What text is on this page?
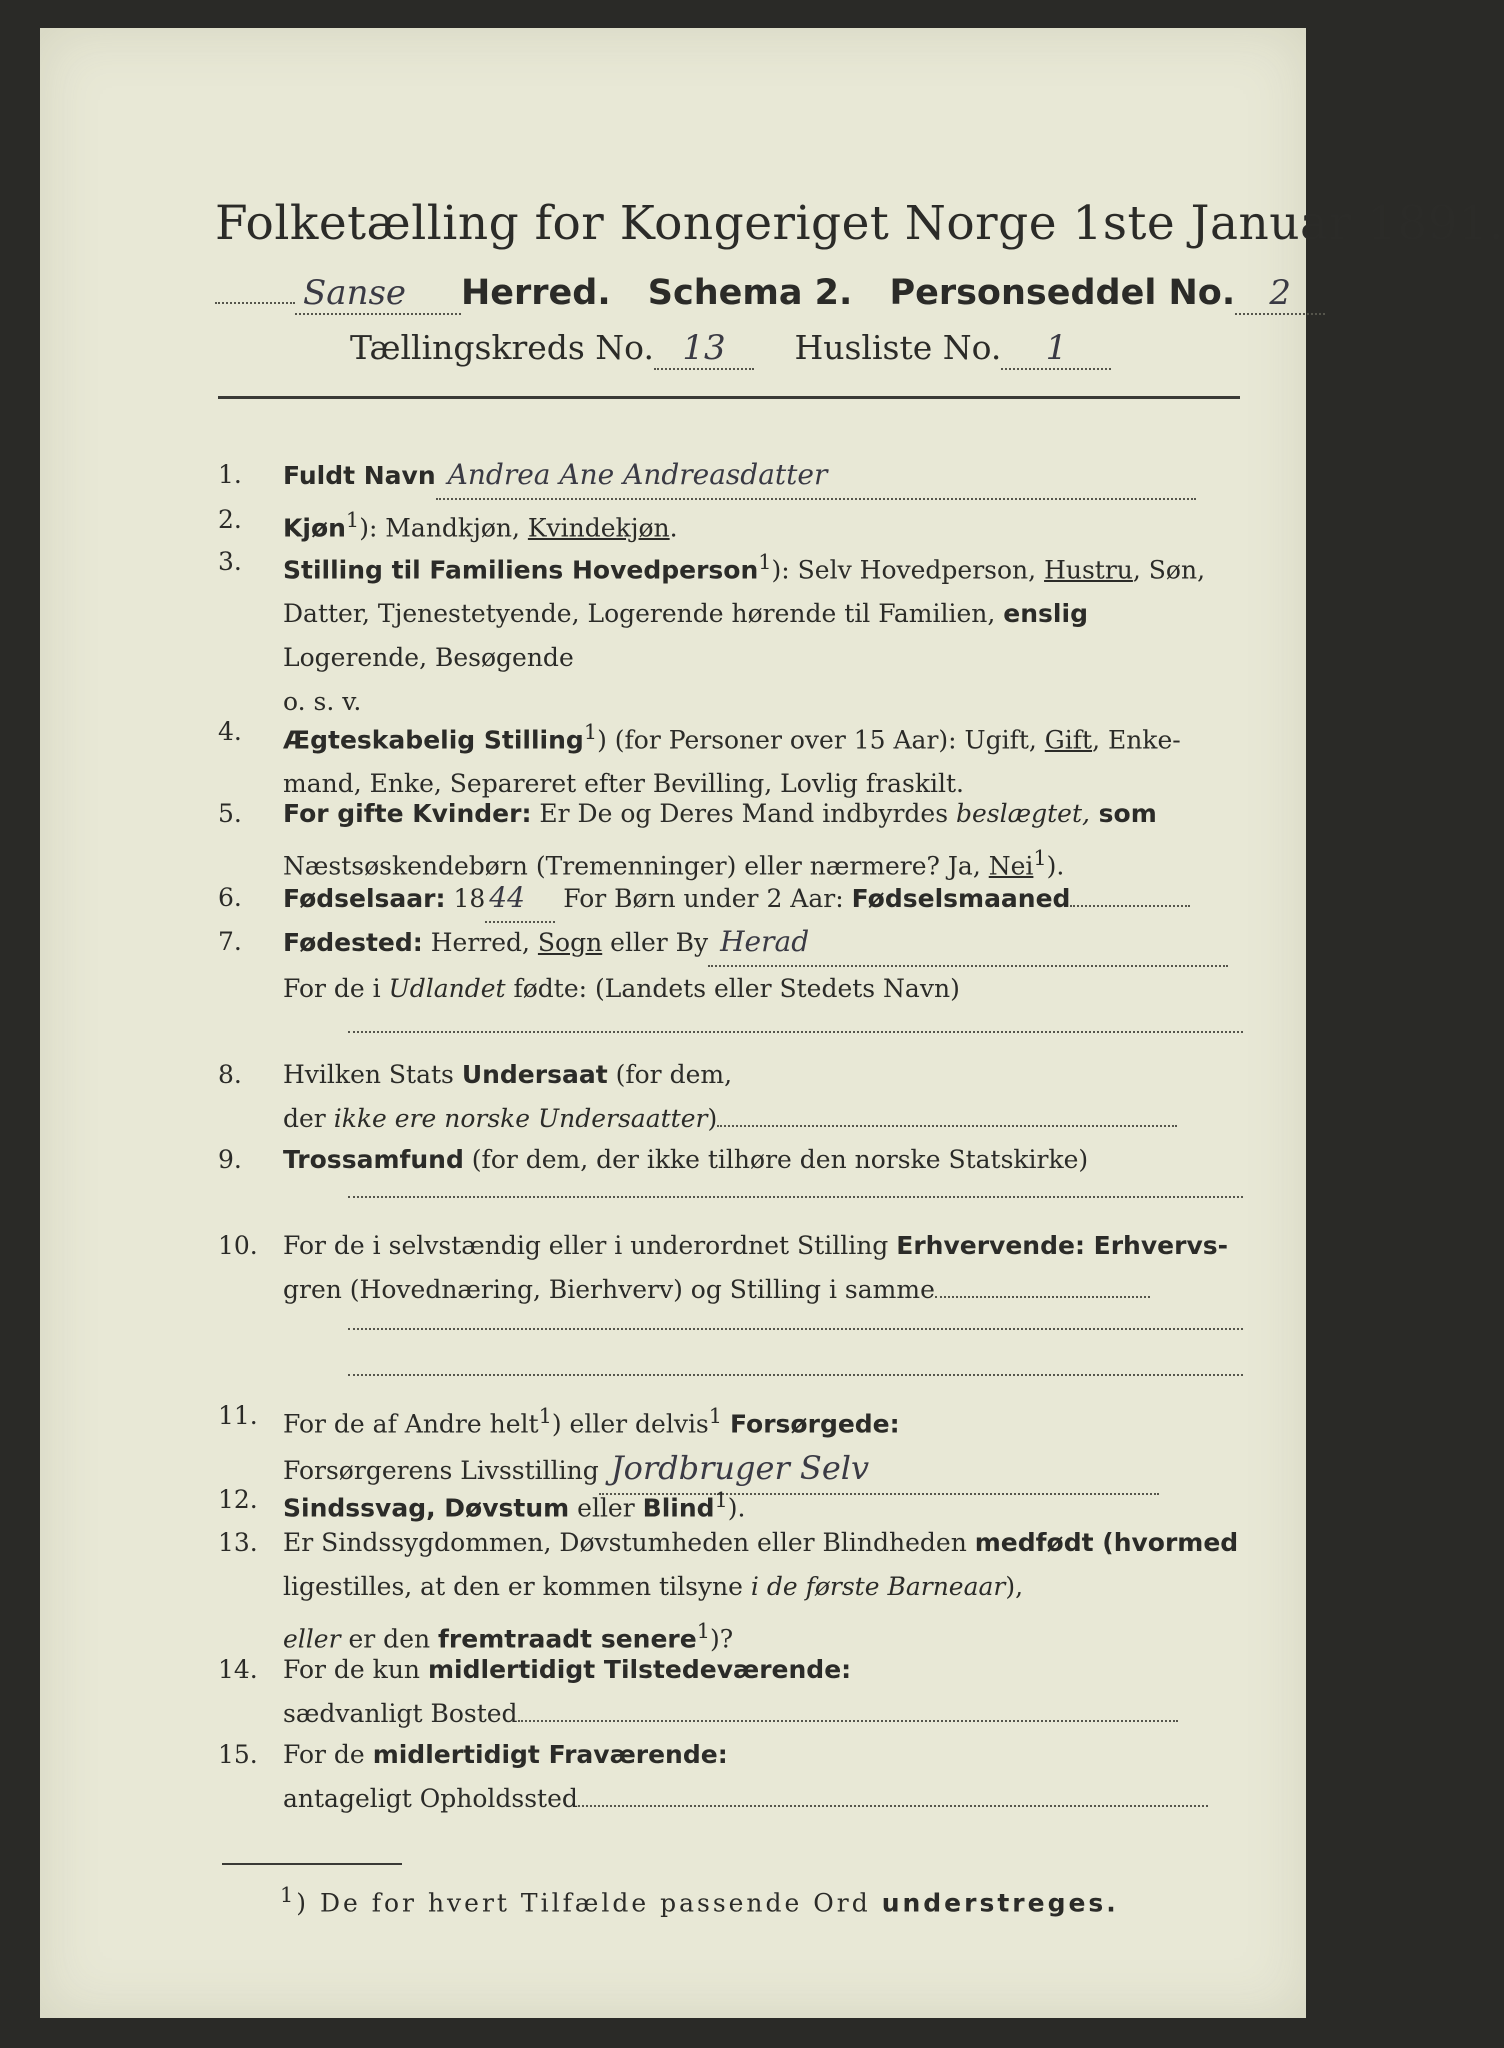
Folketælling for Kongeriget Norge 1ste Januar 1891.
Sanse Herred. Schema 2. Personseddel No. 2
Tællingskreds No. 13 Husliste No. 1
1.	Fuldt Navn Andrea Ane Andreasdatter
2.	Kjøn$^1$): Mandkjøn, Kvindekjøn.
3.	Stilling til Familiens Hovedperson$^1$): Selv Hovedperson, Hustru, Søn,
Datter, Tjenestetyende, Logerende hørende til Familien, enslig
Logerende, Besøgende
o. s. v.
4.	Ægteskabelig Stilling$^1$) (for Personer over 15 Aar): Ugift, Gift, Enke-
mand, Enke, Separeret efter Bevilling, Lovlig fraskilt.
5.	For gifte Kvinder: Er De og Deres Mand indbyrdes beslægtet, som
Næstsøskendebørn (Tremenninger) eller nærmere? Ja, Nei$^1$).
6.	Fødselsaar: 18 44 For Børn under 2 Aar: Fødselsmaaned
7.	Fødested: Herred, Sogn eller By Herad
For de i Udlandet fødte: (Landets eller Stedets Navn)
8.	Hvilken Stats Undersaat (for dem,
der ikke ere norske Undersaatter)
9.	Trossamfund (for dem, der ikke tilhøre den norske Statskirke)
10.	For de i selvstændig eller i underordnet Stilling Erhvervende: Erhvervs-
gren (Hovednæring, Bierhverv) og Stilling i samme
11.	For de af Andre helt$^1$) eller delvis$^1$ Forsørgede:
Forsørgerens Livsstilling Jordbruger Selv
12.	Sindssvag, Døvstum eller Blind$^1$).
13.	Er Sindssygdommen, Døvstumheden eller Blindheden medfødt (hvormed
ligestilles, at den er kommen tilsyne i de første Barneaar),
eller er den fremtraadt senere$^1$)?
14.	For de kun midlertidigt Tilstedeværende:
sædvanligt Bosted
15.	For de midlertidigt Fraværende:
antageligt Opholdssted
$^1$) De for hvert Tilfælde passende Ord understreges.
